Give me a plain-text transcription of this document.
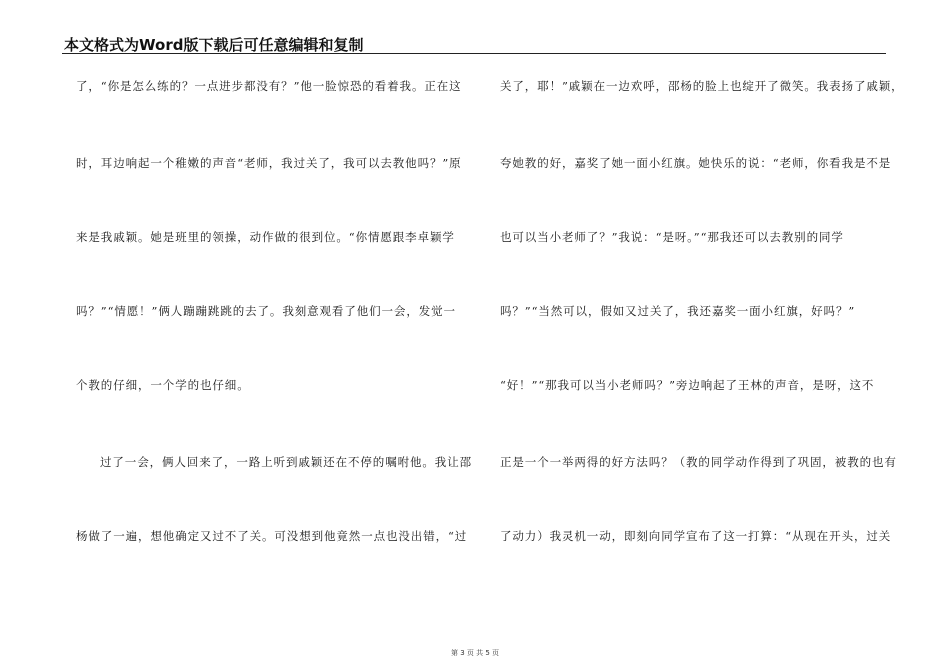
本文格式为Word版下载后可任意编辑和复制
了，“你是怎么练的？一点进步都没有？”他一脸惊恐的看着我。正在这
时，耳边响起一个稚嫩的声音“老师，我过关了，我可以去教他吗？”原
来是我戚颖。她是班里的领操，动作做的很到位。“你情愿跟李卓颖学
吗？”“情愿！”俩人蹦蹦跳跳的去了。我刻意观看了他们一会，发觉一
个教的仔细，一个学的也仔细。
过了一会，俩人回来了，一路上听到戚颖还在不停的嘱咐他。我让邵
杨做了一遍，想他确定又过不了关。可没想到他竟然一点也没出错，“过
关了，耶！”戚颖在一边欢呼，邵杨的脸上也绽开了微笑。我表扬了戚颖，
夸她教的好，嘉奖了她一面小红旗。她快乐的说：“老师，你看我是不是
也可以当小老师了？”我说：“是呀。”“那我还可以去教别的同学
吗？”“当然可以，假如又过关了，我还嘉奖一面小红旗，好吗？”
“好！”“那我可以当小老师吗？”旁边响起了王林的声音，是呀，这不
正是一个一举两得的好方法吗？（教的同学动作得到了巩固，被教的也有
了动力）我灵机一动，即刻向同学宣布了这一打算：“从现在开头，过关
第 3 页 共 5 页
